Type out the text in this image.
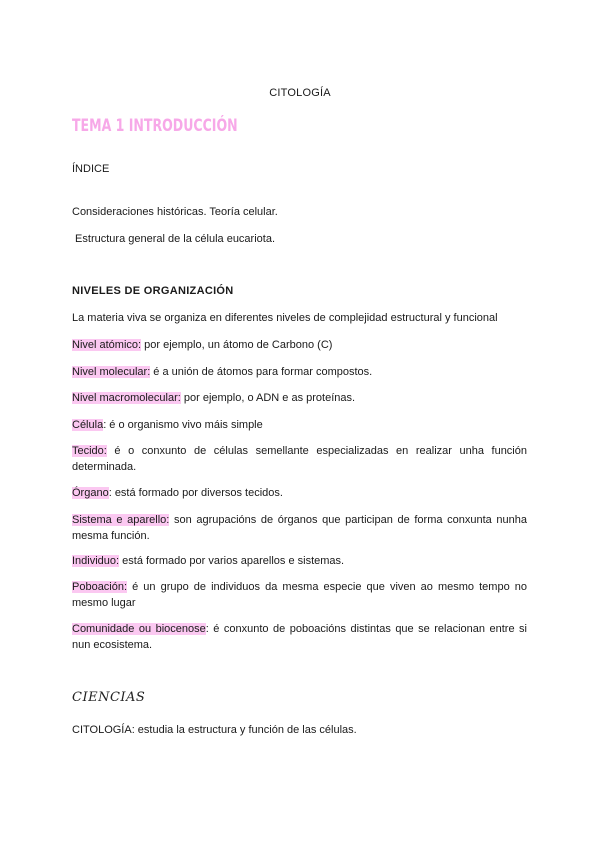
CITOLOGÍA
TEMA 1 INTRODUCCIÓN
ÍNDICE
Consideraciones históricas. Teoría celular.
Estructura general de la célula eucariota.
NIVELES DE ORGANIZACIÓN
La materia viva se organiza en diferentes niveles de complejidad estructural y funcional
Nivel atómico: por ejemplo, un átomo de Carbono (C)
Nivel molecular: é a unión de átomos para formar compostos.
Nivel macromolecular: por ejemplo, o ADN e as proteínas.
Célula: é o organismo vivo máis simple
Tecido: é o conxunto de células semellante especializadas en realizar unha función determinada.
Órgano: está formado por diversos tecidos.
Sistema e aparello: son agrupacións de órganos que participan de forma conxunta nunha mesma función.
Individuo: está formado por varios aparellos e sistemas.
Poboación: é un grupo de individuos da mesma especie que viven ao mesmo tempo no mesmo lugar
Comunidade ou biocenose: é conxunto de poboacións distintas que se relacionan entre si nun ecosistema.
CIENCIAS
CITOLOGÍA: estudia la estructura y función de las células.
